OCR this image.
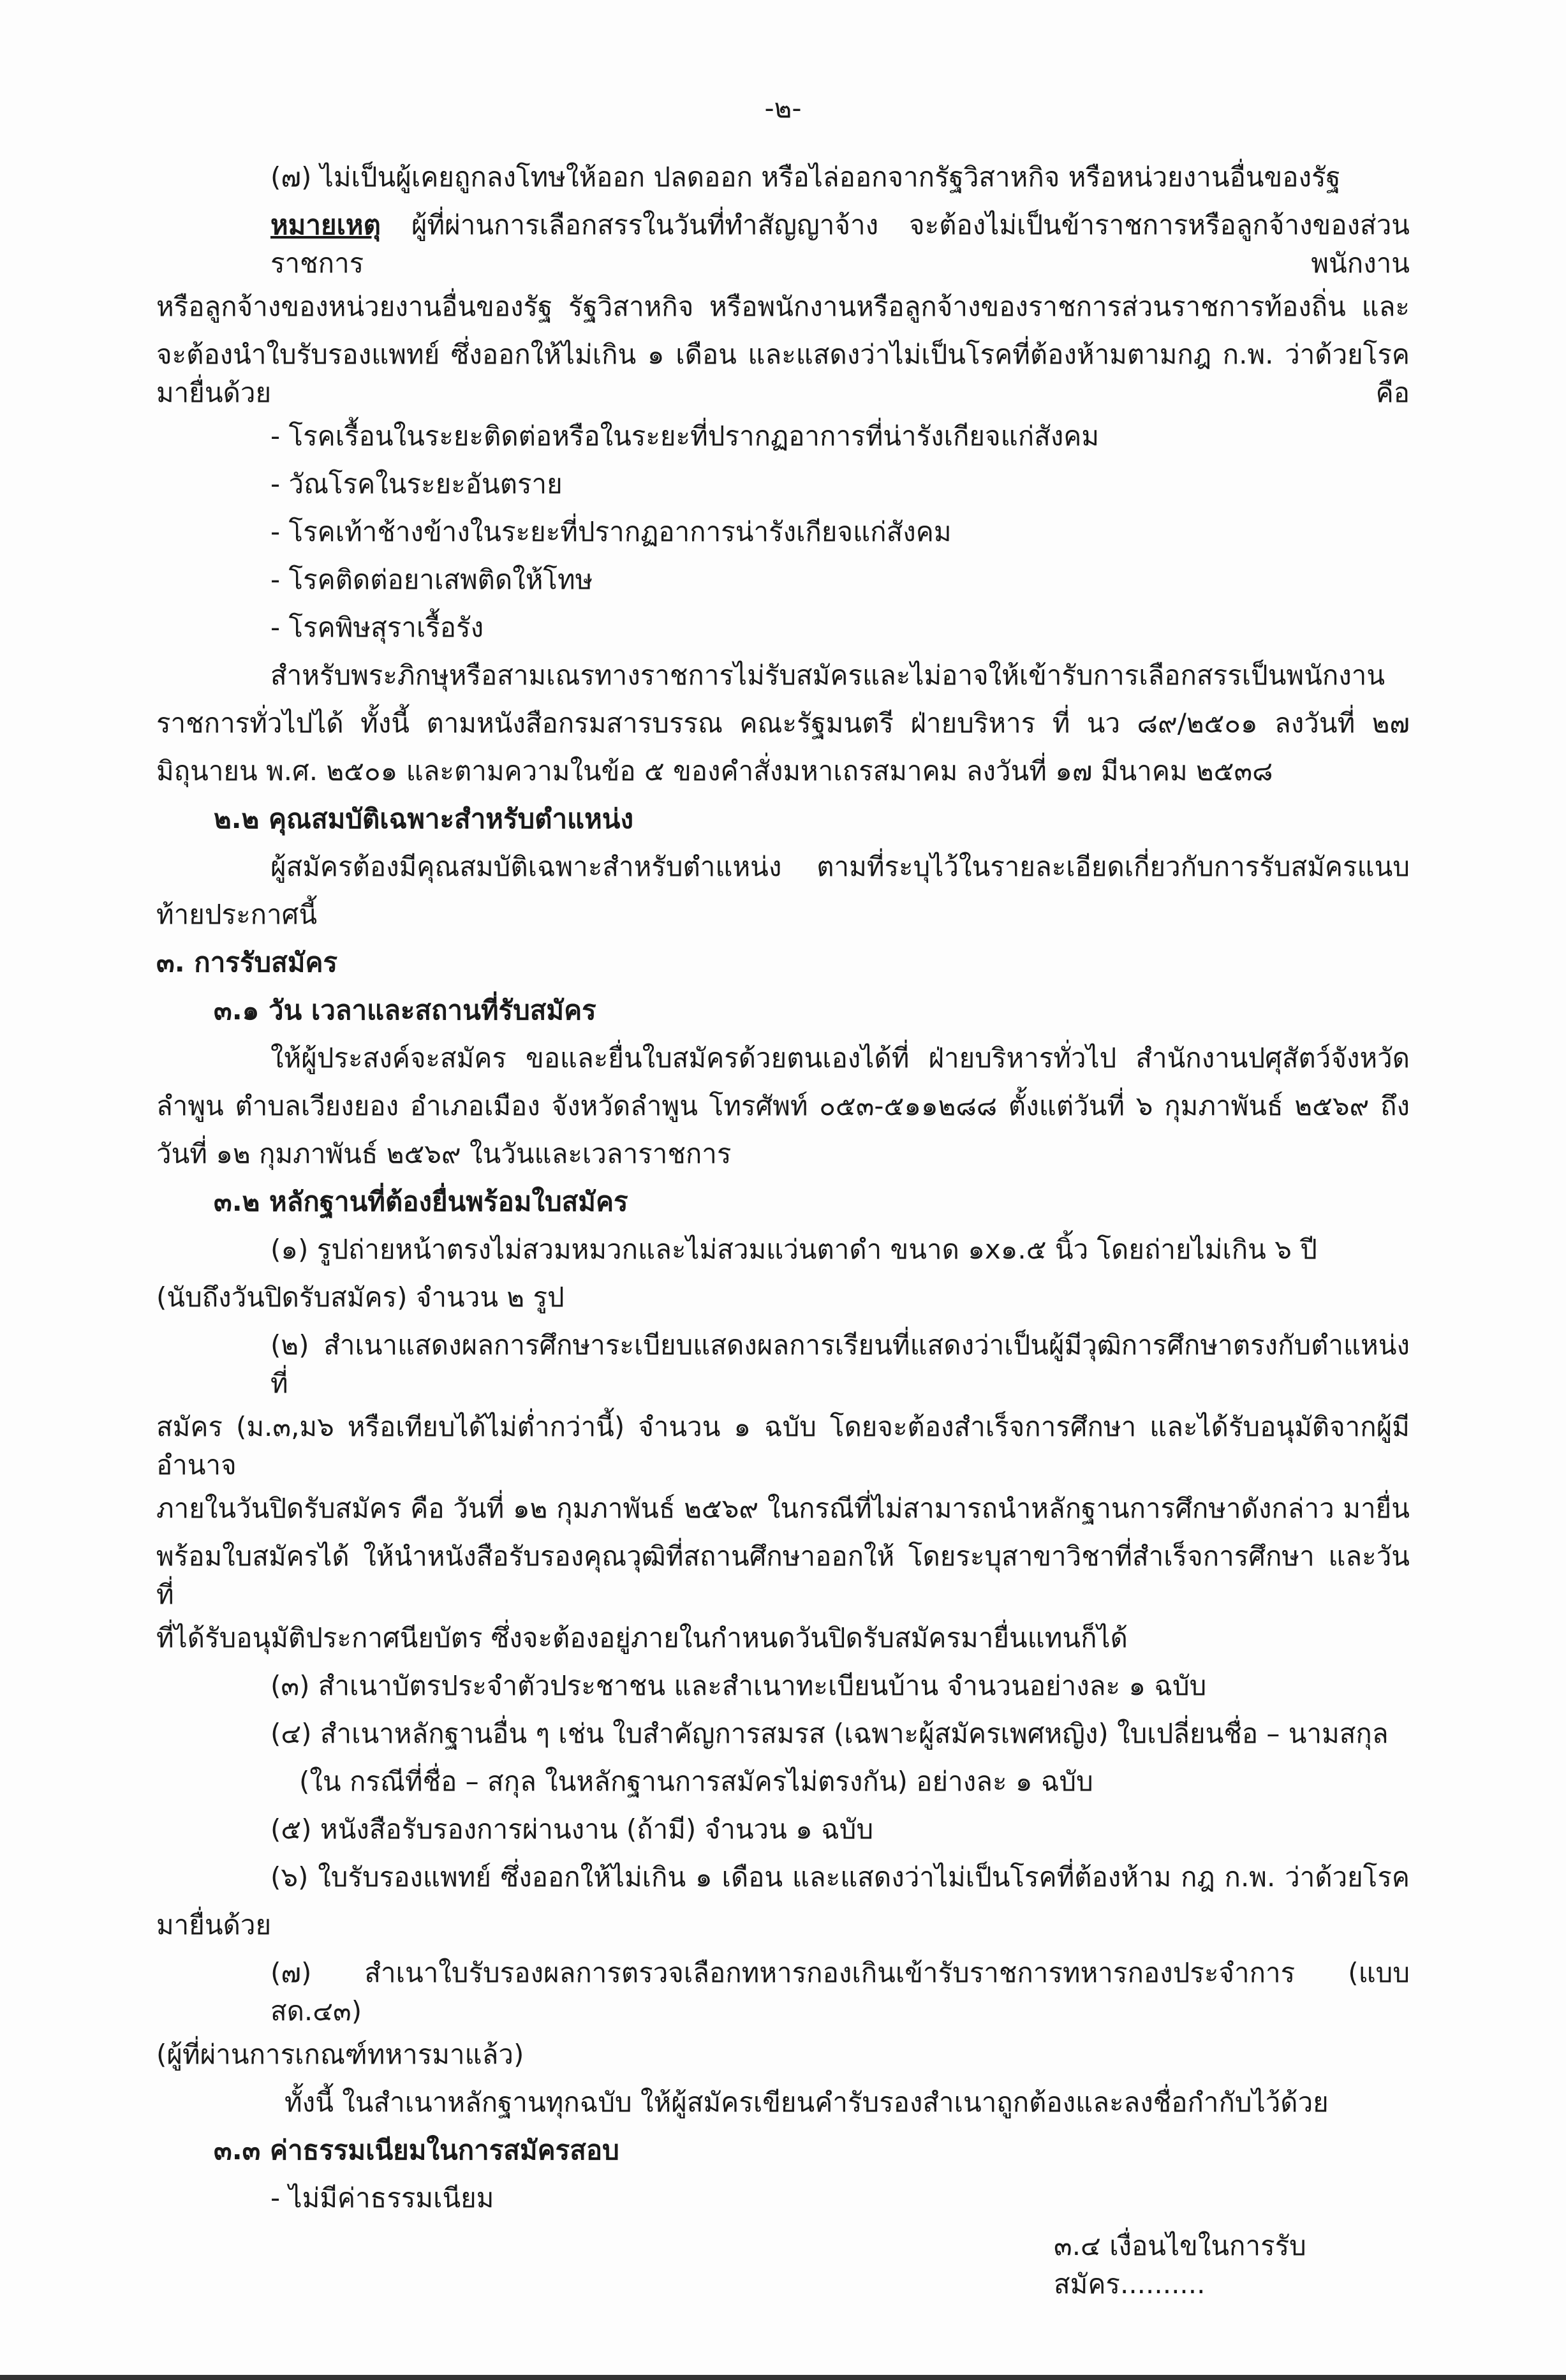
-๒-
(๗) ไม่เป็นผู้เคยถูกลงโทษให้ออก ปลดออก หรือไล่ออกจากรัฐวิสาหกิจ หรือหน่วยงานอื่นของรัฐ
หมายเหตุ ผู้ที่ผ่านการเลือกสรรในวันที่ทำสัญญาจ้าง จะต้องไม่เป็นข้าราชการหรือลูกจ้างของส่วนราชการ พนักงาน
หรือลูกจ้างของหน่วยงานอื่นของรัฐ รัฐวิสาหกิจ หรือพนักงานหรือลูกจ้างของราชการส่วนราชการท้องถิ่น และ
จะต้องนำใบรับรองแพทย์ ซึ่งออกให้ไม่เกิน ๑ เดือน และแสดงว่าไม่เป็นโรคที่ต้องห้ามตามกฎ ก.พ. ว่าด้วยโรคมายื่นด้วย คือ
- โรคเรื้อนในระยะติดต่อหรือในระยะที่ปรากฏอาการที่น่ารังเกียจแก่สังคม
- วัณโรคในระยะอันตราย
- โรคเท้าช้างข้างในระยะที่ปรากฏอาการน่ารังเกียจแก่สังคม
- โรคติดต่อยาเสพติดให้โทษ
- โรคพิษสุราเรื้อรัง
สำหรับพระภิกษุหรือสามเณรทางราชการไม่รับสมัครและไม่อาจให้เข้ารับการเลือกสรรเป็นพนักงาน
ราชการทั่วไปได้ ทั้งนี้ ตามหนังสือกรมสารบรรณ คณะรัฐมนตรี ฝ่ายบริหาร ที่ นว ๘๙/๒๕๐๑ ลงวันที่ ๒๗
มิถุนายน พ.ศ. ๒๕๐๑ และตามความในข้อ ๕ ของคำสั่งมหาเถรสมาคม ลงวันที่ ๑๗ มีนาคม ๒๕๓๘
๒.๒ คุณสมบัติเฉพาะสำหรับตำแหน่ง
ผู้สมัครต้องมีคุณสมบัติเฉพาะสำหรับตำแหน่ง ตามที่ระบุไว้ในรายละเอียดเกี่ยวกับการรับสมัครแนบ
ท้ายประกาศนี้
๓. การรับสมัคร
๓.๑ วัน เวลาและสถานที่รับสมัคร
ให้ผู้ประสงค์จะสมัคร ขอและยื่นใบสมัครด้วยตนเองได้ที่ ฝ่ายบริหารทั่วไป สำนักงานปศุสัตว์จังหวัด
ลำพูน ตำบลเวียงยอง อำเภอเมือง จังหวัดลำพูน โทรศัพท์ ๐๕๓-๕๑๑๒๘๘ ตั้งแต่วันที่ ๖ กุมภาพันธ์ ๒๕๖๙ ถึง
วันที่ ๑๒ กุมภาพันธ์ ๒๕๖๙ ในวันและเวลาราชการ
๓.๒ หลักฐานที่ต้องยื่นพร้อมใบสมัคร
(๑) รูปถ่ายหน้าตรงไม่สวมหมวกและไม่สวมแว่นตาดำ ขนาด ๑x๑.๕ นิ้ว โดยถ่ายไม่เกิน ๖ ปี
(นับถึงวันปิดรับสมัคร) จำนวน ๒ รูป
(๒) สำเนาแสดงผลการศึกษาระเบียบแสดงผลการเรียนที่แสดงว่าเป็นผู้มีวุฒิการศึกษาตรงกับตำแหน่งที่
สมัคร (ม.๓,ม๖ หรือเทียบได้ไม่ต่ำกว่านี้) จำนวน ๑ ฉบับ โดยจะต้องสำเร็จการศึกษา และได้รับอนุมัติจากผู้มีอำนาจ
ภายในวันปิดรับสมัคร คือ วันที่ ๑๒ กุมภาพันธ์ ๒๕๖๙ ในกรณีที่ไม่สามารถนำหลักฐานการศึกษาดังกล่าว มายื่น
พร้อมใบสมัครได้ ให้นำหนังสือรับรองคุณวุฒิที่สถานศึกษาออกให้ โดยระบุสาขาวิชาที่สำเร็จการศึกษา และวันที่
ที่ได้รับอนุมัติประกาศนียบัตร ซึ่งจะต้องอยู่ภายในกำหนดวันปิดรับสมัครมายื่นแทนก็ได้
(๓) สำเนาบัตรประจำตัวประชาชน และสำเนาทะเบียนบ้าน จำนวนอย่างละ ๑ ฉบับ
(๔) สำเนาหลักฐานอื่น ๆ เช่น ใบสำคัญการสมรส (เฉพาะผู้สมัครเพศหญิง) ใบเปลี่ยนชื่อ – นามสกุล
(ใน กรณีที่ชื่อ – สกุล ในหลักฐานการสมัครไม่ตรงกัน) อย่างละ ๑ ฉบับ
(๕) หนังสือรับรองการผ่านงาน (ถ้ามี) จำนวน ๑ ฉบับ
(๖) ใบรับรองแพทย์ ซึ่งออกให้ไม่เกิน ๑ เดือน และแสดงว่าไม่เป็นโรคที่ต้องห้าม กฎ ก.พ. ว่าด้วยโรค
มายื่นด้วย
(๗) สำเนาใบรับรองผลการตรวจเลือกทหารกองเกินเข้ารับราชการทหารกองประจำการ (แบบ สด.๔๓)
(ผู้ที่ผ่านการเกณฑ์ทหารมาแล้ว)
ทั้งนี้ ในสำเนาหลักฐานทุกฉบับ ให้ผู้สมัครเขียนคำรับรองสำเนาถูกต้องและลงชื่อกำกับไว้ด้วย
๓.๓ ค่าธรรมเนียมในการสมัครสอบ
- ไม่มีค่าธรรมเนียม
๓.๔ เงื่อนไขในการรับสมัคร..........
